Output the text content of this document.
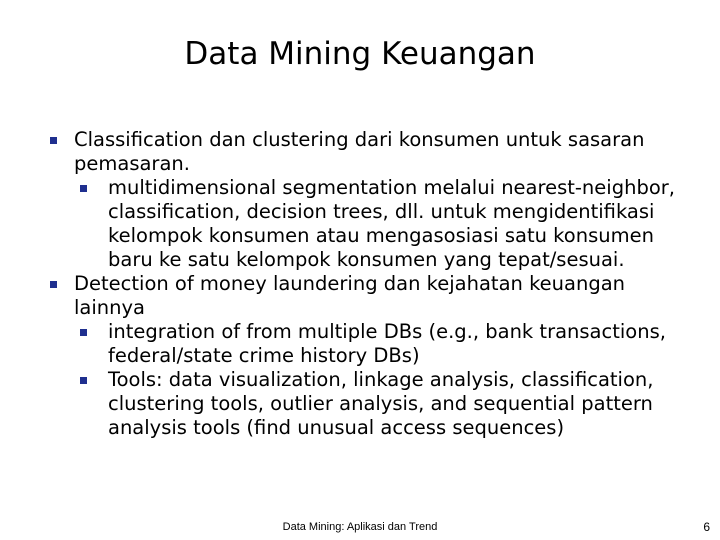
Data Mining Keuangan
Classification dan clustering dari konsumen untuk sasaran pemasaran.
multidimensional segmentation melalui nearest-neighbor, classification, decision trees, dll. untuk mengidentifikasi kelompok konsumen atau mengasosiasi satu konsumen baru ke satu kelompok konsumen yang tepat/sesuai.
Detection of money laundering dan kejahatan keuangan lainnya
integration of from multiple DBs (e.g., bank transactions, federal/state crime history DBs)
Tools: data visualization, linkage analysis, classification, clustering tools, outlier analysis, and sequential pattern analysis tools (find unusual access sequences)
Data Mining: Aplikasi dan Trend	6
